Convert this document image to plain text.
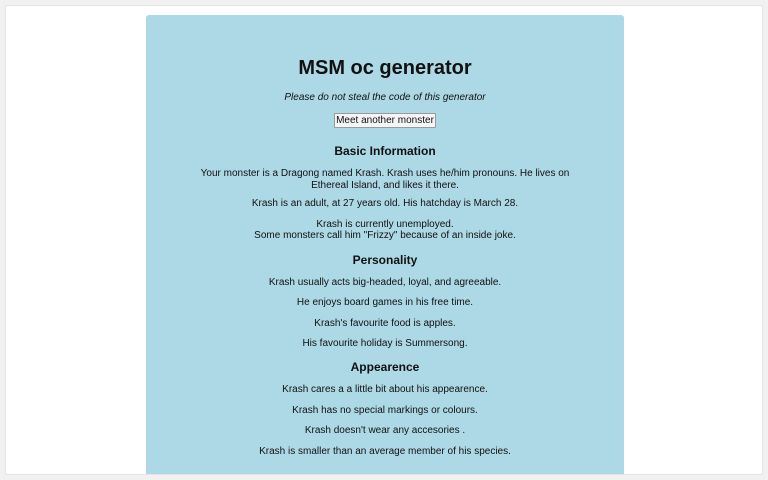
MSM oc generator

Please do not steal the code of this generator

Meet another monster
Basic Information

Your monster is a Dragong named Krash. Krash uses he/him pronouns. He lives on Ethereal Island, and likes it there.

Krash is an adult, at 27 years old. His hatchday is March 28.

Krash is currently unemployed.

Some monsters call him "Frizzy" because of an inside joke.

Personality

Krash usually acts big-headed, loyal, and agreeable.

He enjoys board games in his free time.

Krash's favourite food is apples.

His favourite holiday is Summersong.

Appearence

Krash cares a a little bit about his appearence.

Krash has no special markings or colours.

Krash doesn't wear any accesories .

Krash is smaller than an average member of his species.
